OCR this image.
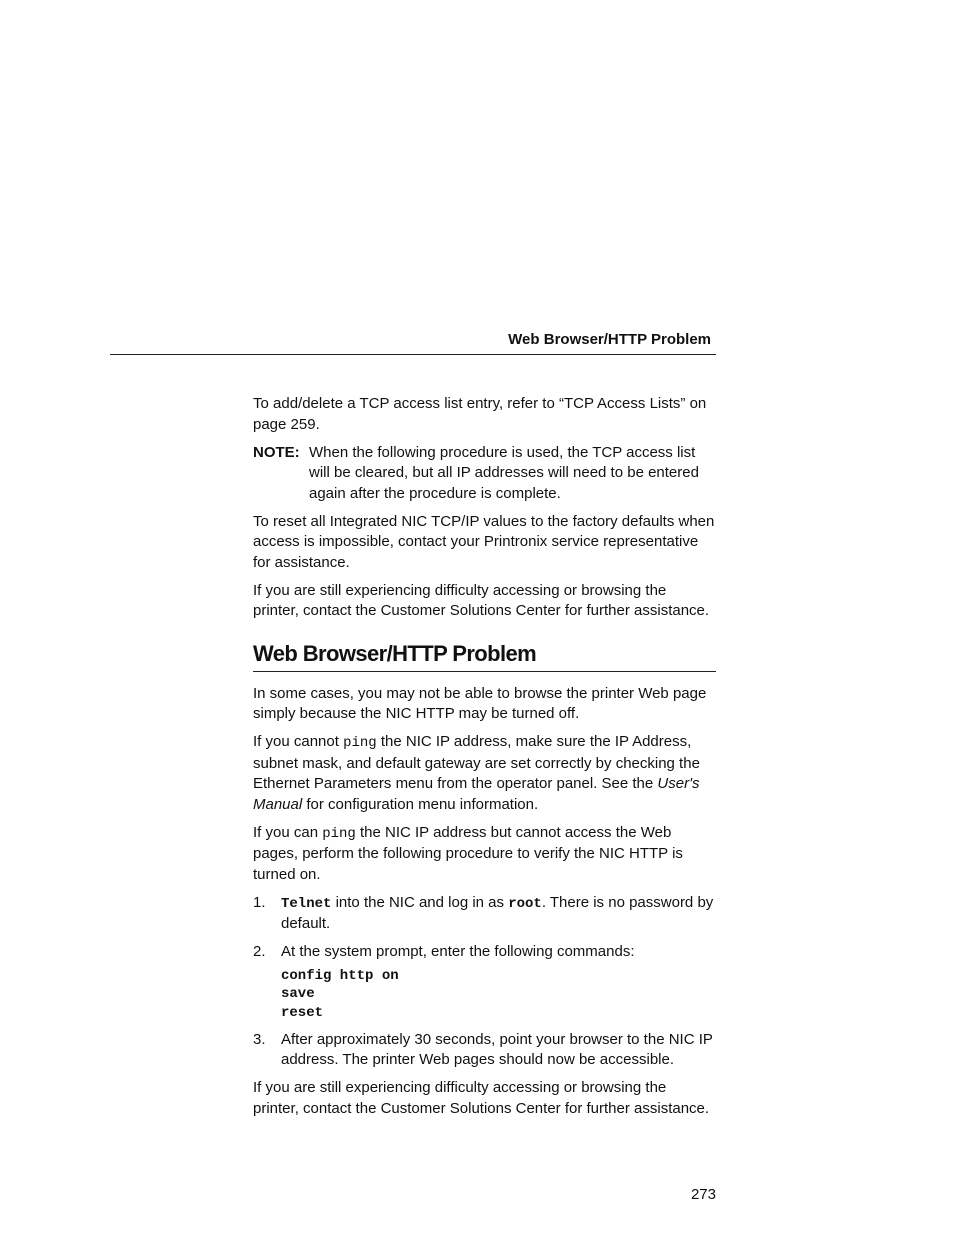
Web Browser/HTTP Problem

To add/delete a TCP access list entry, refer to “TCP Access Lists” on page 259.

NOTE: When the following procedure is used, the TCP access list will be cleared, but all IP addresses will need to be entered again after the procedure is complete.

To reset all Integrated NIC TCP/IP values to the factory defaults when access is impossible, contact your Printronix service representative for assistance.

If you are still experiencing difficulty accessing or browsing the printer, contact the Customer Solutions Center for further assistance.

Web Browser/HTTP Problem

In some cases, you may not be able to browse the printer Web page simply because the NIC HTTP may be turned off.

If you cannot ping the NIC IP address, make sure the IP Address, subnet mask, and default gateway are set correctly by checking the Ethernet Parameters menu from the operator panel. See the User's Manual for configuration menu information.

If you can ping the NIC IP address but cannot access the Web pages, perform the following procedure to verify the NIC HTTP is turned on.

1.	Telnet into the NIC and log in as root. There is no password by default.
2.	At the system prompt, enter the following commands:
config http on
save
reset
3.	After approximately 30 seconds, point your browser to the NIC IP address. The printer Web pages should now be accessible.

If you are still experiencing difficulty accessing or browsing the printer, contact the Customer Solutions Center for further assistance.

273
